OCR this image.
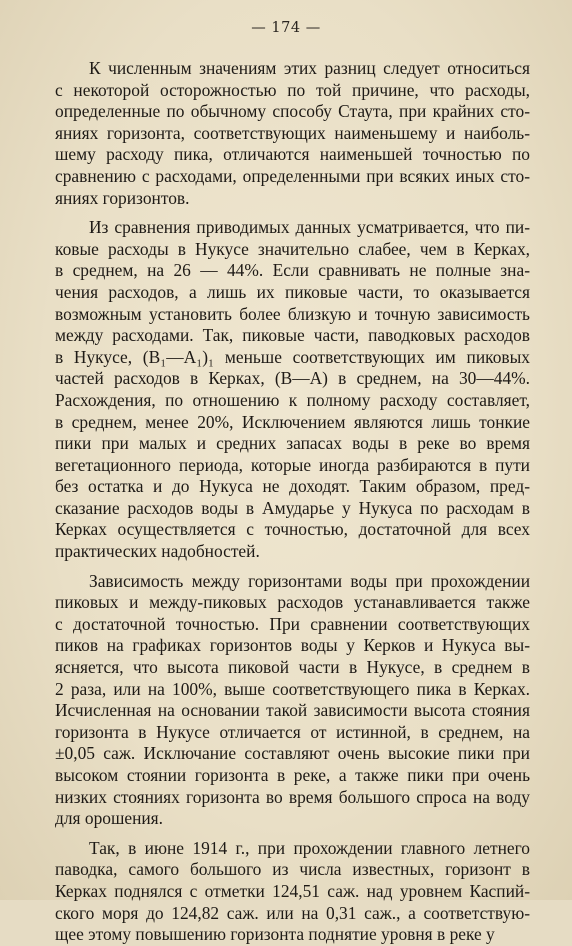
— 174 —
К численным значениям этих разниц следует относиться
с некоторой осторожностью по той причине, что расходы,
определенные по обычному способу Стаута, при крайних сто-
яниях горизонта, соответствующих наименьшему и наиболь-
шему расходу пика, отличаются наименьшей точностью по
сравнению с расходами, определенными при всяких иных сто-
яниях горизонтов.
Из сравнения приводимых данных усматривается, что пи-
ковые расходы в Нукусе значительно слабее, чем в Керках,
в среднем, на 26 — 44%. Если сравнивать не полные зна-
чения расходов, а лишь их пиковые части, то оказывается
возможным установить более близкую и точную зависимость
между расходами. Так, пиковые части, паводковых расходов
в Нукусе, (B₁—A₁)₁ меньше соответствующих им пиковых
частей расходов в Керках, (B—A) в среднем, на 30—44%.
Расхождения, по отношению к полному расходу составляет,
в среднем, менее 20%, Исключением являются лишь тонкие
пики при малых и средних запасах воды в реке во время
вегетационного периода, которые иногда разбираются в пути
без остатка и до Нукуса не доходят. Таким образом, пред-
сказание расходов воды в Амударье у Нукуса по расходам в
Керках осуществляется с точностью, достаточной для всех
практических надобностей.
Зависимость между горизонтами воды при прохождении
пиковых и между-пиковых расходов устанавливается также
с достаточной точностью. При сравнении соответствующих
пиков на графиках горизонтов воды у Керков и Нукуса вы-
ясняется, что высота пиковой части в Нукусе, в среднем в
2 раза, или на 100%, выше соответствующего пика в Керках.
Исчисленная на основании такой зависимости высота стояния
горизонта в Нукусе отличается от истинной, в среднем, на
±0,05 саж. Исключание составляют очень высокие пики при
высоком стоянии горизонта в реке, а также пики при очень
низких стояниях горизонта во время большого спроса на воду
для орошения.
Так, в июне 1914 г., при прохождении главного летнего
паводка, самого большого из числа известных, горизонт в
Керках поднялся с отметки 124,51 саж. над уровнем Каспий-
ского моря до 124,82 саж. или на 0,31 саж., а соответствую-
щее этому повышению горизонта поднятие уровня в реке у
